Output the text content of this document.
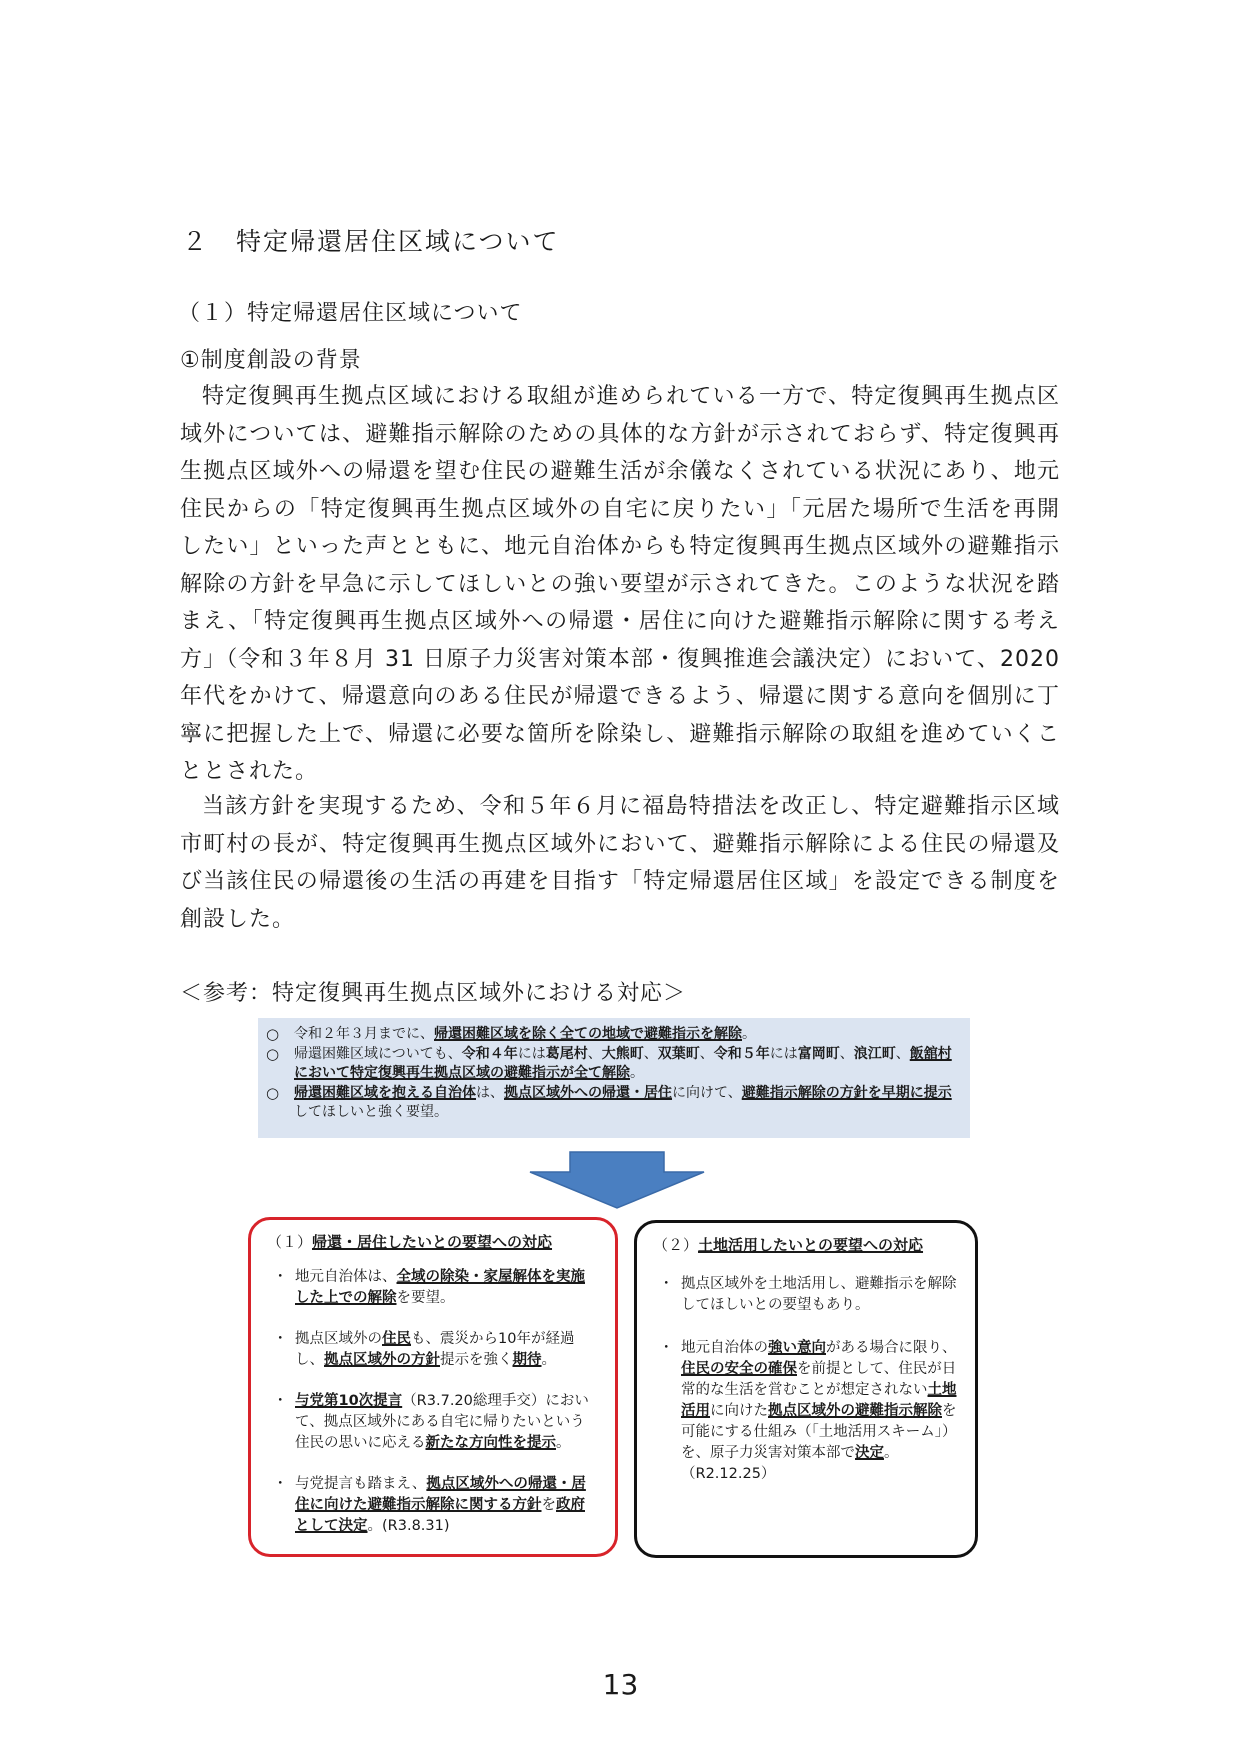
２　特定帰還居住区域について
（１）特定帰還居住区域について
①制度創設の背景
特定復興再生拠点区域における取組が進められている一方で、特定復興再生拠点区域外については、避難指示解除のための具体的な方針が示されておらず、特定復興再生拠点区域外への帰還を望む住民の避難生活が余儀なくされている状況にあり、地元住民からの「特定復興再生拠点区域外の自宅に戻りたい」「元居た場所で生活を再開したい」といった声とともに、地元自治体からも特定復興再生拠点区域外の避難指示解除の方針を早急に示してほしいとの強い要望が示されてきた。このような状況を踏まえ、「特定復興再生拠点区域外への帰還・居住に向けた避難指示解除に関する考え方」（令和３年８月 31 日原子力災害対策本部・復興推進会議決定）において、2020 年代をかけて、帰還意向のある住民が帰還できるよう、帰還に関する意向を個別に丁寧に把握した上で、帰還に必要な箇所を除染し、避難指示解除の取組を進めていくこととされた。
当該方針を実現するため、令和５年６月に福島特措法を改正し、特定避難指示区域市町村の長が、特定復興再生拠点区域外において、避難指示解除による住民の帰還及び当該住民の帰還後の生活の再建を目指す「特定帰還居住区域」を設定できる制度を創設した。
＜参考：特定復興再生拠点区域外における対応＞
○	令和２年３月までに、帰還困難区域を除く全ての地域で避難指示を解除。
○	帰還困難区域についても、令和４年には葛尾村、大熊町、双葉町、令和５年には富岡町、浪江町、飯舘村において特定復興再生拠点区域の避難指示が全て解除。
○	帰還困難区域を抱える自治体は、拠点区域外への帰還・居住に向けて、避難指示解除の方針を早期に提示してほしいと強く要望。
（１）帰還・居住したいとの要望への対応
・ 地元自治体は、全域の除染・家屋解体を実施した上での解除を要望。
・ 拠点区域外の住民も、震災から10年が経過し、拠点区域外の方針提示を強く期待。
・ 与党第10次提言（R3.7.20総理手交）において、拠点区域外にある自宅に帰りたいという住民の思いに応える新たな方向性を提示。
・ 与党提言も踏まえ、拠点区域外への帰還・居住に向けた避難指示解除に関する方針を政府として決定。(R3.8.31)
（２）土地活用したいとの要望への対応
・ 拠点区域外を土地活用し、避難指示を解除してほしいとの要望もあり。
・ 地元自治体の強い意向がある場合に限り、住民の安全の確保を前提として、住民が日常的な生活を営むことが想定されない土地活用に向けた拠点区域外の避難指示解除を可能にする仕組み（「土地活用スキーム」）を、原子力災害対策本部で決定。
（R2.12.25）
13
